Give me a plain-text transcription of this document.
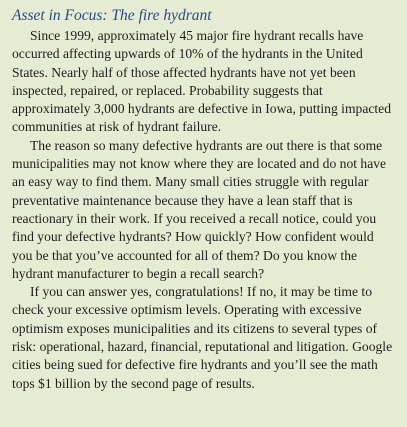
Asset in Focus: The fire hydrant

Since 1999, approximately 45 major fire hydrant recalls have occurred affecting upwards of 10% of the hydrants in the United States. Nearly half of those affected hydrants have not yet been inspected, repaired, or replaced. Probability suggests that approximately 3,000 hydrants are defective in Iowa, putting impacted communities at risk of hydrant failure.

The reason so many defective hydrants are out there is that some municipalities may not know where they are located and do not have an easy way to find them. Many small cities struggle with regular preventative maintenance because they have a lean staff that is reactionary in their work. If you received a recall notice, could you find your defective hydrants? How quickly? How confident would you be that you’ve accounted for all of them? Do you know the hydrant manufacturer to begin a recall search?

If you can answer yes, congratulations! If no, it may be time to check your excessive optimism levels. Operating with excessive optimism exposes municipalities and its citizens to several types of risk: operational, hazard, financial, reputational and litigation. Google cities being sued for defective fire hydrants and you’ll see the math tops $1 billion by the second page of results.
